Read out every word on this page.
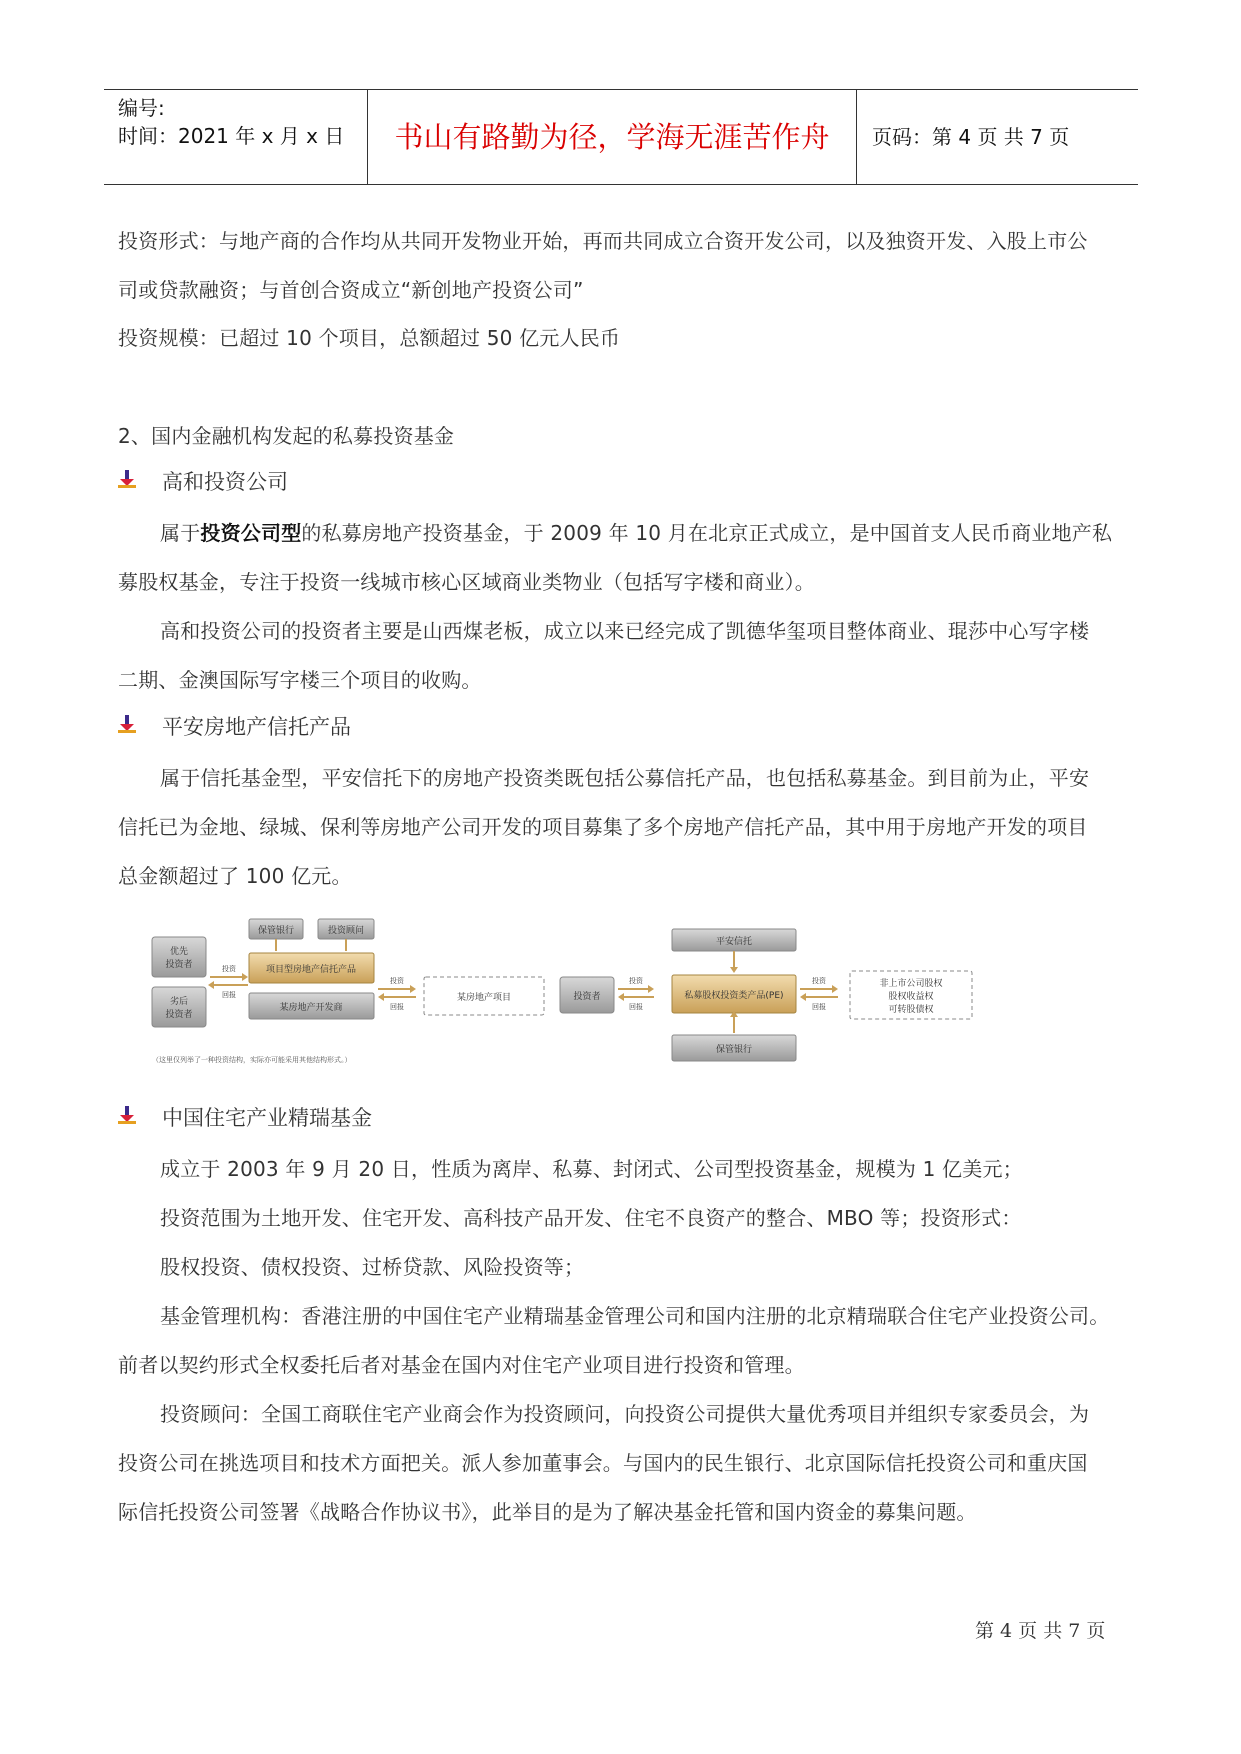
编号:
时间：2021 年 x 月 x 日	书山有路勤为径，学海无涯苦作舟	页码：第 4 页 共 7 页
投资形式：与地产商的合作均从共同开发物业开始，再而共同成立合资开发公司，以及独资开发、入股上市公
司或贷款融资；与首创合资成立“新创地产投资公司”
投资规模：已超过 10 个项目，总额超过 50 亿元人民币
2、国内金融机构发起的私募投资基金
高和投资公司
属于投资公司型的私募房地产投资基金，于 2009 年 10 月在北京正式成立，是中国首支人民币商业地产私
募股权基金，专注于投资一线城市核心区域商业类物业（包括写字楼和商业）。
高和投资公司的投资者主要是山西煤老板，成立以来已经完成了凯德华玺项目整体商业、琨莎中心写字楼
二期、金澳国际写字楼三个项目的收购。
平安房地产信托产品
属于信托基金型，平安信托下的房地产投资类既包括公募信托产品，也包括私募基金。到目前为止，平安
信托已为金地、绿城、保利等房地产公司开发的项目募集了多个房地产信托产品，其中用于房地产开发的项目
总金额超过了 100 亿元。
优先
投资者
劣后
投资者
投资
回报
保管银行	投资顾问
项目型房地产信托产品
某房地产开发商
投资
回报
某房地产项目	投资者
投资
回报
平安信托
私募股权投资类产品(PE)
保管银行
投资
回报
非上市公司股权
股权收益权
可转股债权
（这里仅列举了一种投资结构，实际亦可能采用其他结构形式。）
中国住宅产业精瑞基金
成立于 2003 年 9 月 20 日，性质为离岸、私募、封闭式、公司型投资基金，规模为 1 亿美元；
投资范围为土地开发、住宅开发、高科技产品开发、住宅不良资产的整合、MBO 等；投资形式：
股权投资、债权投资、过桥贷款、风险投资等；
基金管理机构：香港注册的中国住宅产业精瑞基金管理公司和国内注册的北京精瑞联合住宅产业投资公司。
前者以契约形式全权委托后者对基金在国内对住宅产业项目进行投资和管理。
投资顾问：全国工商联住宅产业商会作为投资顾问，向投资公司提供大量优秀项目并组织专家委员会，为
投资公司在挑选项目和技术方面把关。派人参加董事会。与国内的民生银行、北京国际信托投资公司和重庆国
际信托投资公司签署《战略合作协议书》，此举目的是为了解决基金托管和国内资金的募集问题。
第 4 页 共 7 页
